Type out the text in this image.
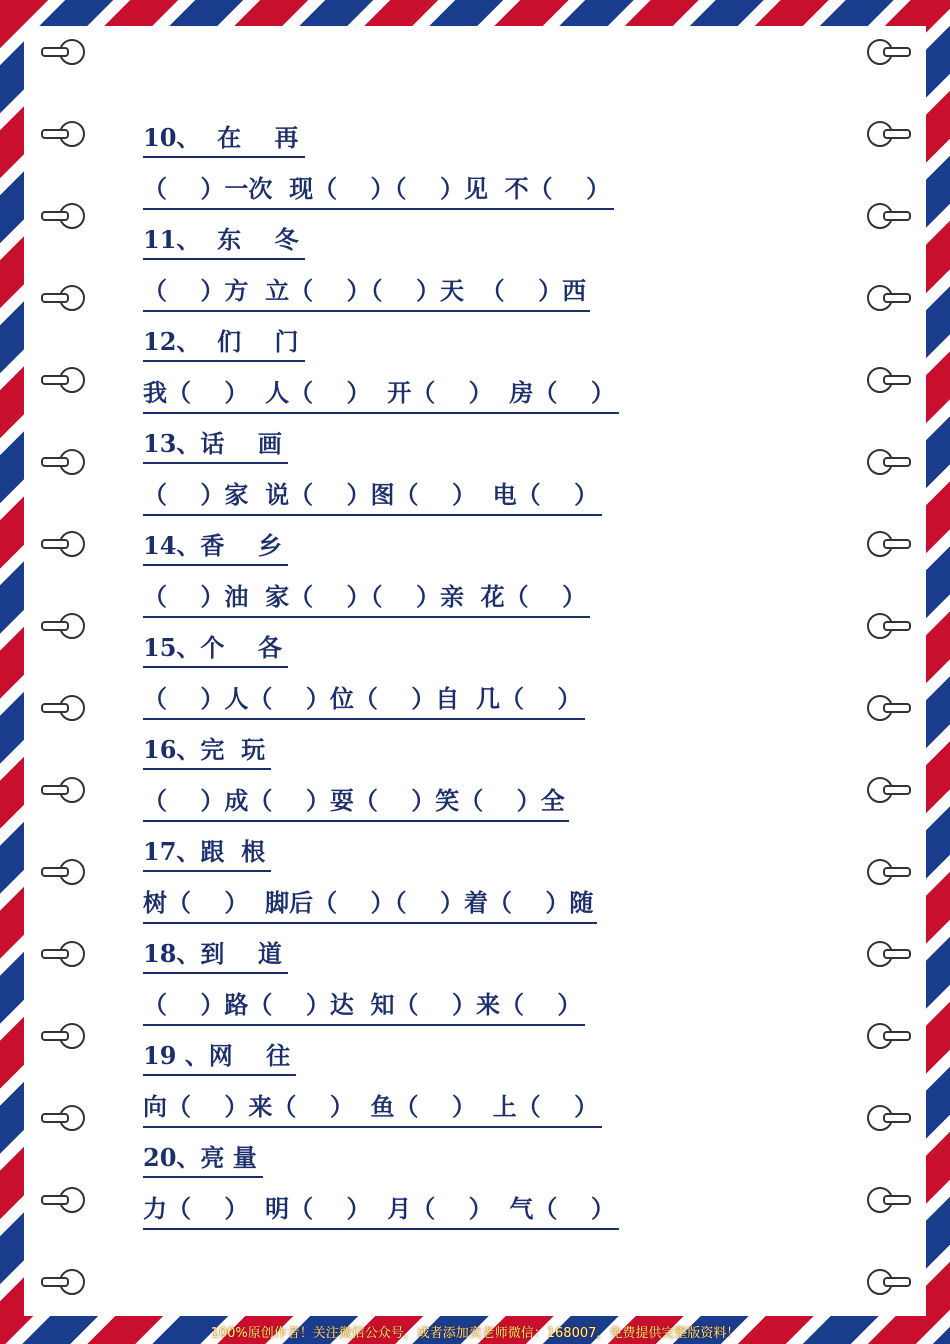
10、  在    再
（    ）一次  现（    ）（    ）见  不（    ）
11、  东    冬
（    ）方  立（    ）（    ）天  （    ）西
12、  们    门
我（    ）  人（    ）  开（    ）  房（    ）
13、话    画
（    ）家  说（    ）图（    ）  电（    ）
14、香    乡
（    ）油  家（    ）（    ）亲  花（    ）
15、个    各
（    ）人（    ）位（    ）自  几（    ）
16、完  玩
（    ）成（    ）耍（    ）笑（    ）全
17、跟  根
树（    ）  脚后（    ）（    ）着（    ）随
18、到    道
（    ）路（    ）达  知（    ）来（    ）
19 、网    往
向（    ）来（    ）  鱼（    ）  上（    ）
20、亮 量
力（    ）  明（    ）  月（    ）  气（    ）
100%原创作者！关注微信公众号，或者添加奕老师微信：168007，免费提供完整版资料！
